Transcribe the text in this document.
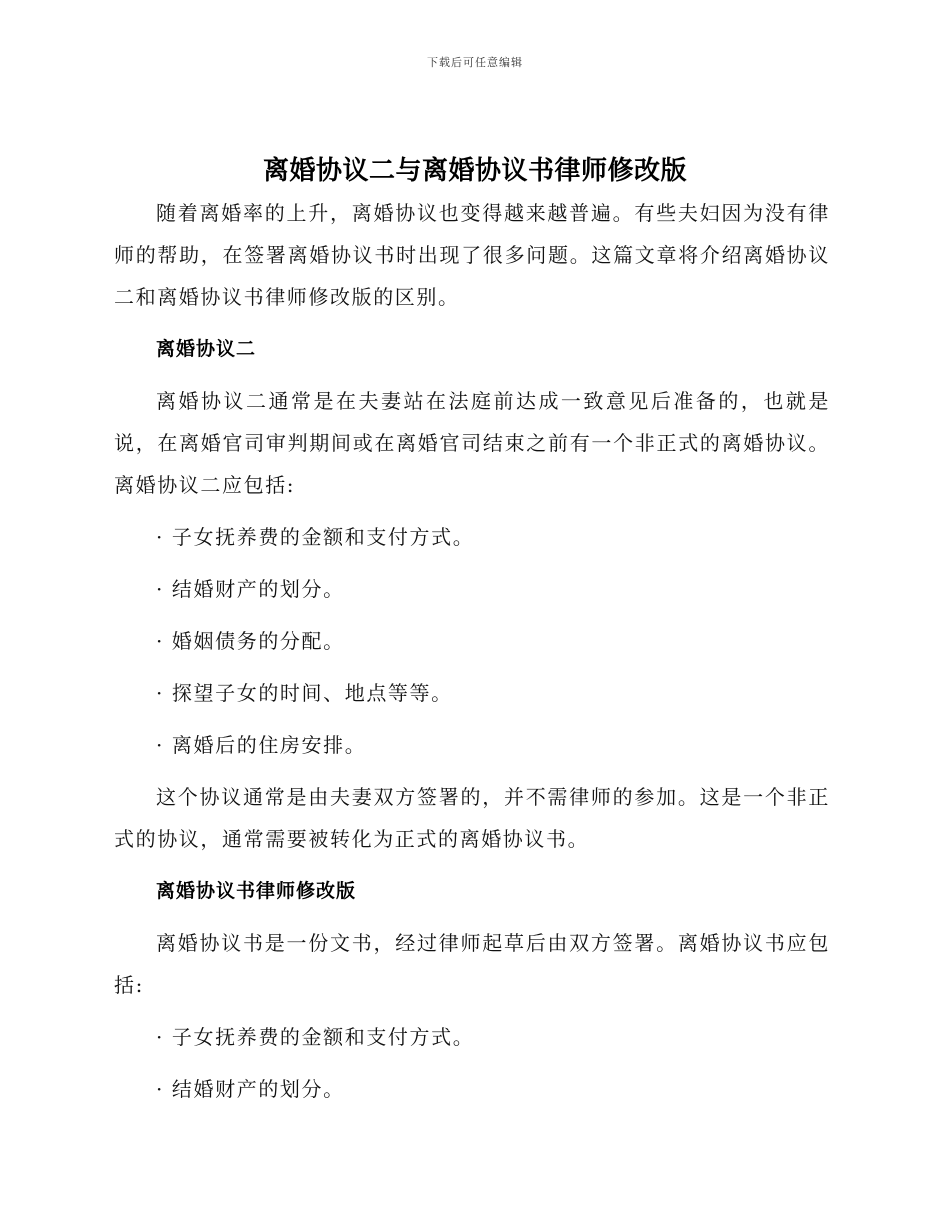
下载后可任意编辑
离婚协议二与离婚协议书律师修改版

随着离婚率的上升，离婚协议也变得越来越普遍。有些夫妇因为没有律师的帮助，在签署离婚协议书时出现了很多问题。这篇文章将介绍离婚协议二和离婚协议书律师修改版的区别。

离婚协议二

离婚协议二通常是在夫妻站在法庭前达成一致意见后准备的，也就是说，在离婚官司审判期间或在离婚官司结束之前有一个非正式的离婚协议。离婚协议二应包括:

· 子女抚养费的金额和支付方式。
· 结婚财产的划分。
· 婚姻债务的分配。
· 探望子女的时间、地点等等。
· 离婚后的住房安排。

这个协议通常是由夫妻双方签署的，并不需律师的参加。这是一个非正式的协议，通常需要被转化为正式的离婚协议书。

离婚协议书律师修改版

离婚协议书是一份文书，经过律师起草后由双方签署。离婚协议书应包括:

· 子女抚养费的金额和支付方式。
· 结婚财产的划分。
